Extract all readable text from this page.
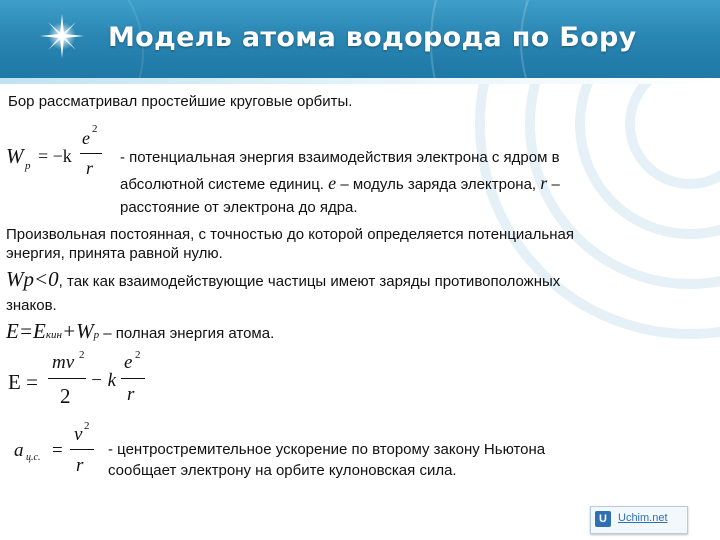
Модель атома водорода по Бору
Бор рассматривал простейшие круговые орбиты.
W p = −k
e 2
r
- потенциальная энергия взаимодействия электрона с ядром в
абсолютной системе единиц. e – модуль заряда электрона, r –
расстояние от электрона до ядра.
Произвольная постоянная, с точностью до которой определяется потенциальная
энергия, принята равной нулю.
Wp<0, так как взаимодействующие частицы имеют заряды противоположных
знаков.
E=Eкин+Wp – полная энергия атома.
E =
mv 2
2
− k
e 2
r
a ц.с. =
v 2
r
- центростремительное ускорение по второму закону Ньютона
сообщает электрону на орбите кулоновская сила.
U	Uchim.net
